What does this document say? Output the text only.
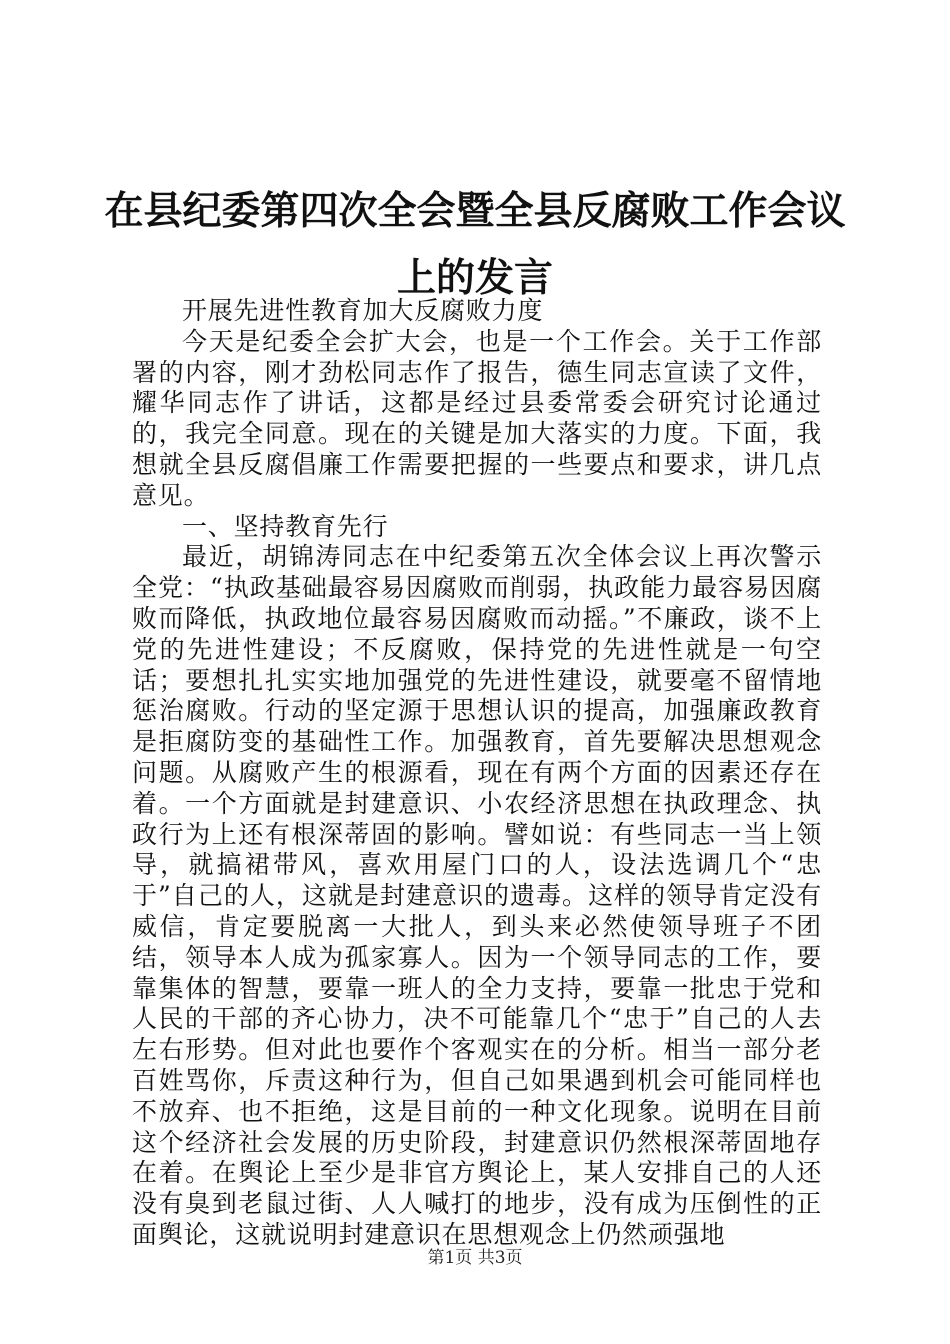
在县纪委第四次全会暨全县反腐败工作会议上的发言

开展先进性教育加大反腐败力度

今天是纪委全会扩大会，也是一个工作会。关于工作部署的内容，刚才劲松同志作了报告，德生同志宣读了文件，耀华同志作了讲话，这都是经过县委常委会研究讨论通过的，我完全同意。现在的关键是加大落实的力度。下面，我想就全县反腐倡廉工作需要把握的一些要点和要求，讲几点意见。

一、坚持教育先行

最近，胡锦涛同志在中纪委第五次全体会议上再次警示全党：“执政基础最容易因腐败而削弱，执政能力最容易因腐败而降低，执政地位最容易因腐败而动摇。”不廉政，谈不上党的先进性建设；不反腐败，保持党的先进性就是一句空话；要想扎扎实实地加强党的先进性建设，就要毫不留情地惩治腐败。行动的坚定源于思想认识的提高，加强廉政教育是拒腐防变的基础性工作。加强教育，首先要解决思想观念问题。从腐败产生的根源看，现在有两个方面的因素还存在着。一个方面就是封建意识、小农经济思想在执政理念、执政行为上还有根深蒂固的影响。譬如说：有些同志一当上领导，就搞裙带风，喜欢用屋门口的人，设法选调几个“忠于”自己的人，这就是封建意识的遗毒。这样的领导肯定没有威信，肯定要脱离一大批人，到头来必然使领导班子不团结，领导本人成为孤家寡人。因为一个领导同志的工作，要靠集体的智慧，要靠一班人的全力支持，要靠一批忠于党和人民的干部的齐心协力，决不可能靠几个“忠于”自己的人去左右形势。但对此也要作个客观实在的分析。相当一部分老百姓骂你，斥责这种行为，但自己如果遇到机会可能同样也不放弃、也不拒绝，这是目前的一种文化现象。说明在目前这个经济社会发展的历史阶段，封建意识仍然根深蒂固地存在着。在舆论上至少是非官方舆论上，某人安排自己的人还没有臭到老鼠过街、人人喊打的地步，没有成为压倒性的正面舆论，这就说明封建意识在思想观念上仍然顽强地

第1页 共3页
